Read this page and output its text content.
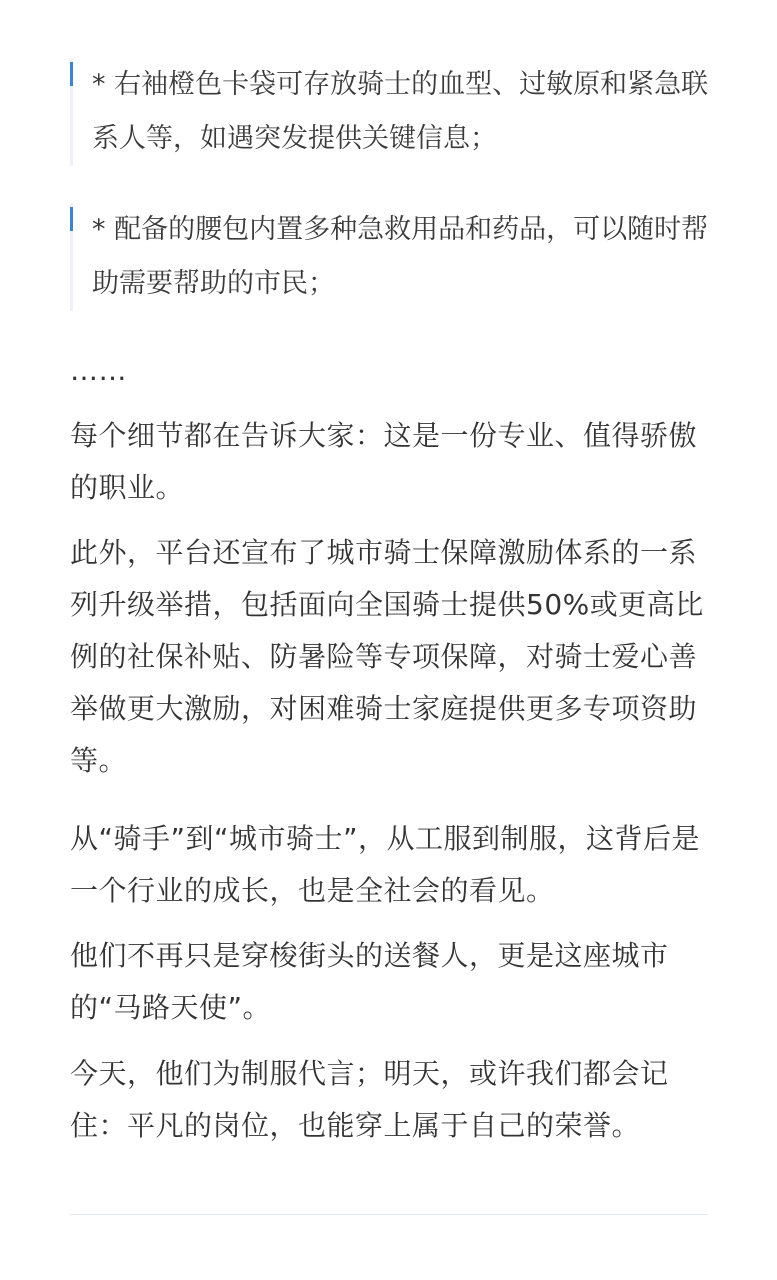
* 右袖橙色卡袋可存放骑士的血型、过敏原和紧急联系人等，如遇突发提供关键信息；
* 配备的腰包内置多种急救用品和药品，可以随时帮助需要帮助的市民；
……
每个细节都在告诉大家：这是一份专业、值得骄傲的职业。
此外，平台还宣布了城市骑士保障激励体系的一系列升级举措，包括面向全国骑士提供50%或更高比例的社保补贴、防暑险等专项保障，对骑士爱心善举做更大激励，对困难骑士家庭提供更多专项资助等。
从“骑手”到“城市骑士”，从工服到制服，这背后是一个行业的成长，也是全社会的看见。
他们不再只是穿梭街头的送餐人，更是这座城市的“马路天使”。
今天，他们为制服代言；明天，或许我们都会记住：平凡的岗位，也能穿上属于自己的荣誉。
